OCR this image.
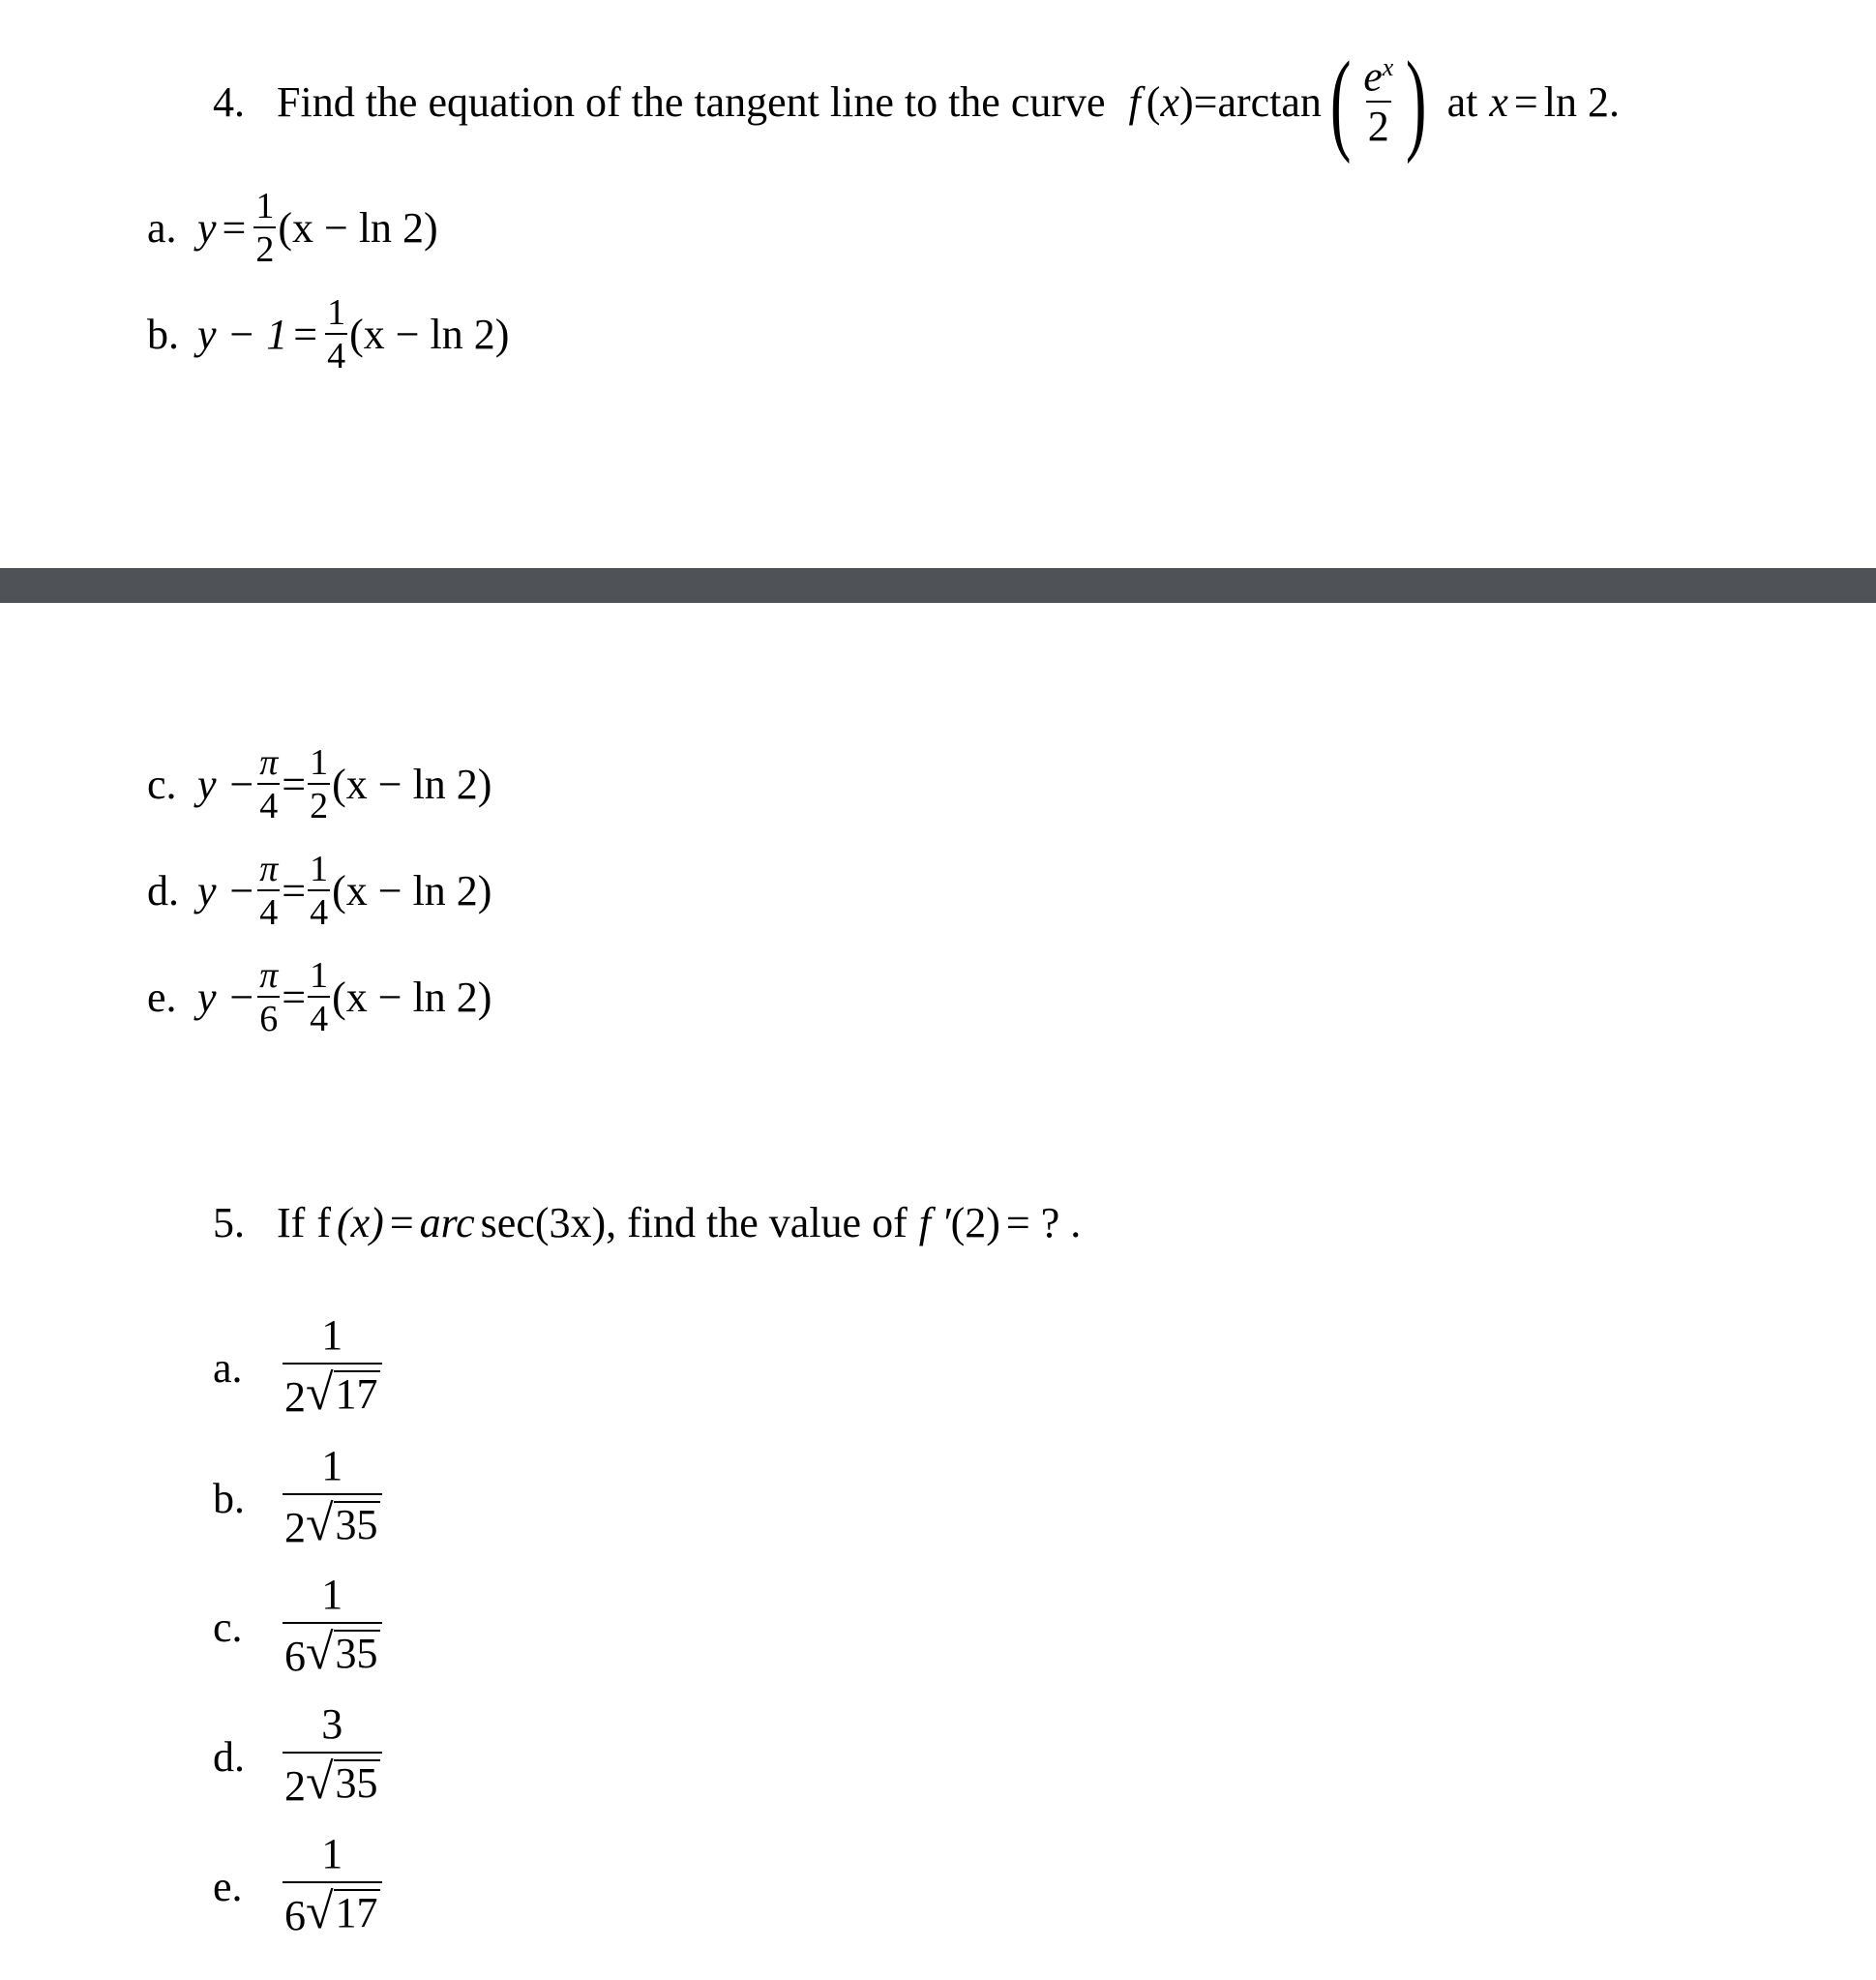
4. Find the equation of the tangent line to the curve f ( x ) = arctan ( $\frac{e^x}{2}$ ) at x = ln 2 .
a. $y = \frac{1}{2} (x - \ln 2)$
b. $y - 1 = \frac{1}{4} (x - \ln 2)$
c. $y - \frac{\pi}{4} = \frac{1}{2} (x - \ln 2)$
d. $y - \frac{\pi}{4} = \frac{1}{4} (x - \ln 2)$
e. $y - \frac{\pi}{6} = \frac{1}{4} (x - \ln 2)$
5. If f (x) = arc sec (3x) , find the value of f ′ (2) = ? .
a. $\frac{1}{2 √ 17}$
b. $\frac{1}{2 √ 35}$
c. $\frac{1}{6 √ 35}$
d. $\frac{3}{2 √ 35}$
e. $\frac{1}{6 √ 17}$
